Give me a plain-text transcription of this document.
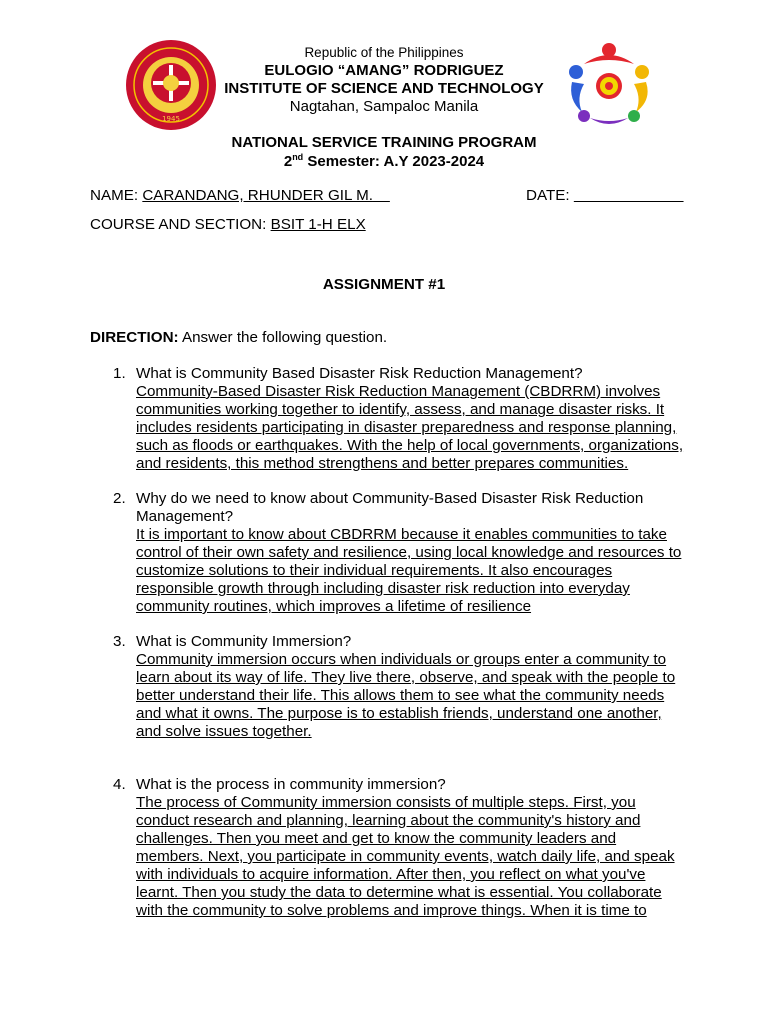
1945
Republic of the Philippines
EULOGIO “AMANG” RODRIGUEZ
INSTITUTE OF SCIENCE AND TECHNOLOGY
Nagtahan, Sampaloc Manila
NATIONAL SERVICE TRAINING PROGRAM
2nd Semester: A.Y 2023-2024
NAME: CARANDANG, RHUNDER GIL M.	DATE:
COURSE AND SECTION: BSIT 1-H ELX
ASSIGNMENT #1
DIRECTION: Answer the following question.
1. What is Community Based Disaster Risk Reduction Management?
Community-Based Disaster Risk Reduction Management (CBDRRM) involves
communities working together to identify, assess, and manage disaster risks. It
includes residents participating in disaster preparedness and response planning,
such as floods or earthquakes. With the help of local governments, organizations,
and residents, this method strengthens and better prepares communities.
2. Why do we need to know about Community-Based Disaster Risk Reduction
Management?
It is important to know about CBDRRM because it enables communities to take
control of their own safety and resilience, using local knowledge and resources to
customize solutions to their individual requirements. It also encourages
responsible growth through including disaster risk reduction into everyday
community routines, which improves a lifetime of resilience
3. What is Community Immersion?
Community immersion occurs when individuals or groups enter a community to
learn about its way of life. They live there, observe, and speak with the people to
better understand their life. This allows them to see what the community needs
and what it owns. The purpose is to establish friends, understand one another,
and solve issues together.
4. What is the process in community immersion?
The process of Community immersion consists of multiple steps. First, you
conduct research and planning, learning about the community's history and
challenges. Then you meet and get to know the community leaders and
members. Next, you participate in community events, watch daily life, and speak
with individuals to acquire information. After then, you reflect on what you've
learnt. Then you study the data to determine what is essential. You collaborate
with the community to solve problems and improve things. When it is time to
